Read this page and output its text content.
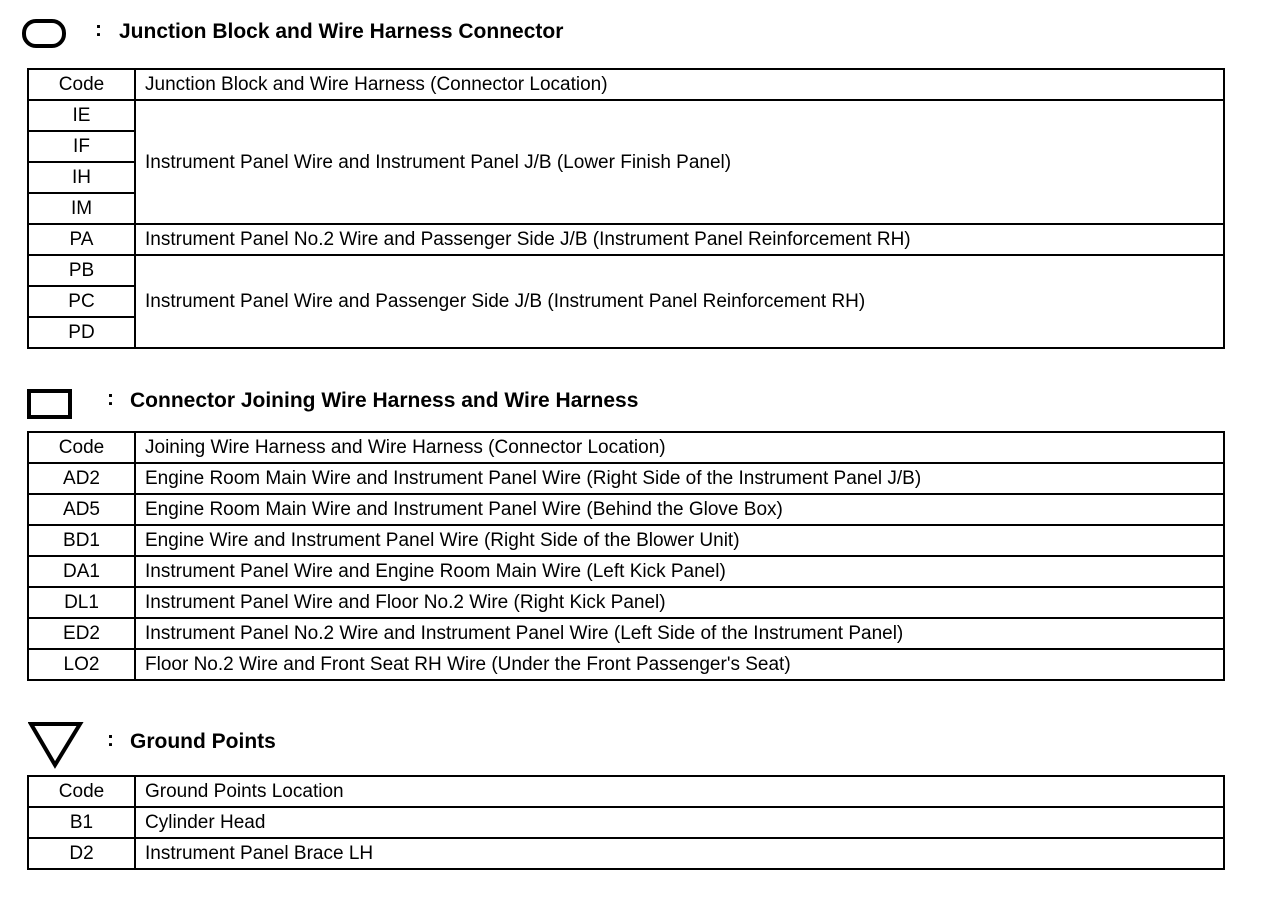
: Junction Block and Wire Harness Connector
Code	Junction Block and Wire Harness (Connector Location)
IE	Instrument Panel Wire and Instrument Panel J/B (Lower Finish Panel)
IF	
IH	
IM	
PA	Instrument Panel No.2 Wire and Passenger Side J/B (Instrument Panel Reinforcement RH)
PB	Instrument Panel Wire and Passenger Side J/B (Instrument Panel Reinforcement RH)
PC	
PD	
: Connector Joining Wire Harness and Wire Harness
Code	Joining Wire Harness and Wire Harness (Connector Location)
AD2	Engine Room Main Wire and Instrument Panel Wire (Right Side of the Instrument Panel J/B)
AD5	Engine Room Main Wire and Instrument Panel Wire (Behind the Glove Box)
BD1	Engine Wire and Instrument Panel Wire (Right Side of the Blower Unit)
DA1	Instrument Panel Wire and Engine Room Main Wire (Left Kick Panel)
DL1	Instrument Panel Wire and Floor No.2 Wire (Right Kick Panel)
ED2	Instrument Panel No.2 Wire and Instrument Panel Wire (Left Side of the Instrument Panel)
LO2	Floor No.2 Wire and Front Seat RH Wire (Under the Front Passenger's Seat)
: Ground Points
Code	Ground Points Location
B1	Cylinder Head
D2	Instrument Panel Brace LH
